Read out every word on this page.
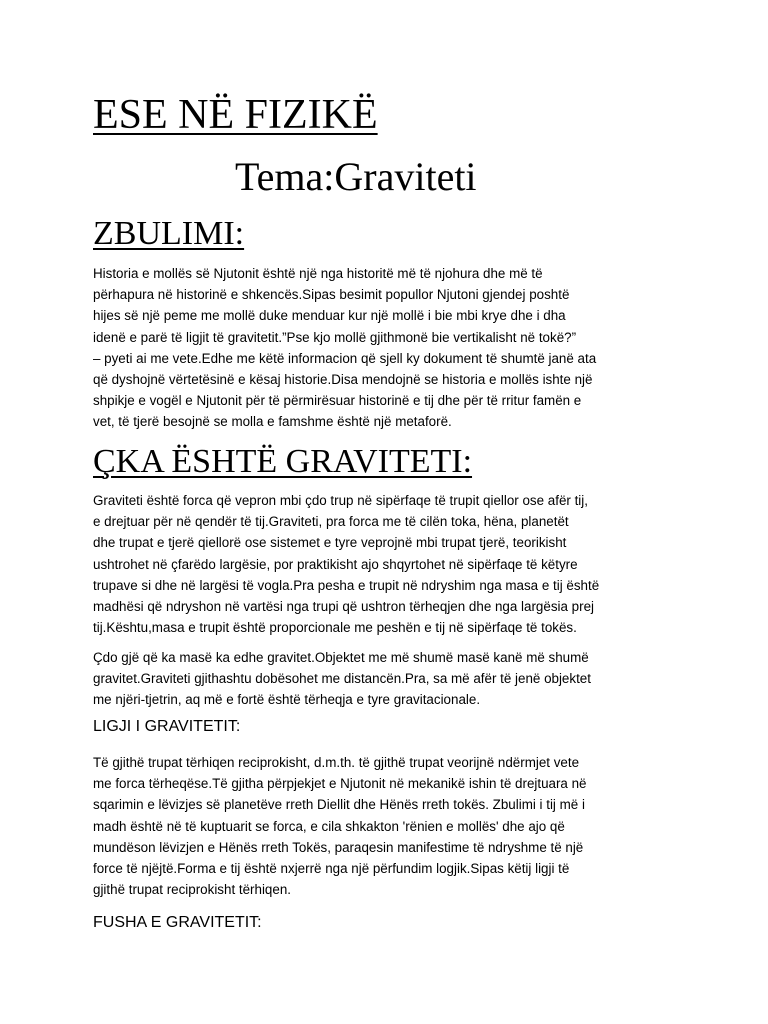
ESE NË FIZIKË
Tema:Graviteti
ZBULIMI:
Historia e mollës së Njutonit është një nga historitë më të njohura dhe më të
përhapura në historinë e shkencës.Sipas besimit popullor Njutoni gjendej poshtë
hijes së një peme me mollë duke menduar kur një mollë i bie mbi krye dhe i dha
idenë e parë të ligjit të gravitetit.”Pse kjo mollë gjithmonë bie vertikalisht në tokë?”
– pyeti ai me vete.Edhe me këtë informacion që sjell ky dokument të shumtë janë ata
që dyshojnë vërtetësinë e kësaj historie.Disa mendojnë se historia e mollës ishte një
shpikje e vogël e Njutonit për të përmirësuar historinë e tij dhe për të rritur famën e
vet, të tjerë besojnë se molla e famshme është një metaforë.
ÇKA ËSHTË GRAVITETI:
Graviteti është forca që vepron mbi çdo trup në sipërfaqe të trupit qiellor ose afër tij,
e drejtuar për në qendër të tij.Graviteti, pra forca me të cilën toka, hëna, planetët
dhe trupat e tjerë qiellorë ose sistemet e tyre veprojnë mbi trupat tjerë, teorikisht
ushtrohet në çfarëdo largësie, por praktikisht ajo shqyrtohet në sipërfaqe të këtyre
trupave si dhe në largësi të vogla.Pra pesha e trupit në ndryshim nga masa e tij është
madhësi që ndryshon në vartësi nga trupi që ushtron tërheqjen dhe nga largësia prej
tij.Kështu,masa e trupit është proporcionale me peshën e tij në sipërfaqe të tokës.
Çdo gjë që ka masë ka edhe gravitet.Objektet me më shumë masë kanë më shumë
gravitet.Graviteti gjithashtu dobësohet me distancën.Pra, sa më afër të jenë objektet
me njëri-tjetrin, aq më e fortë është tërheqja e tyre gravitacionale.
LIGJI I GRAVITETIT:
Të gjithë trupat tërhiqen reciprokisht, d.m.th. të gjithë trupat veorijnë ndërmjet vete
me forca tërheqëse.Të gjitha përpjekjet e Njutonit në mekanikë ishin të drejtuara në
sqarimin e lëvizjes së planetëve rreth Diellit dhe Hënës rreth tokës. Zbulimi i tij më i
madh është në të kuptuarit se forca, e cila shkakton 'rënien e mollës' dhe ajo që
mundëson lëvizjen e Hënës rreth Tokës, paraqesin manifestime të ndryshme të një
force të njëjtë.Forma e tij është nxjerrë nga një përfundim logjik.Sipas këtij ligji të
gjithë trupat reciprokisht tërhiqen.
FUSHA E GRAVITETIT:
